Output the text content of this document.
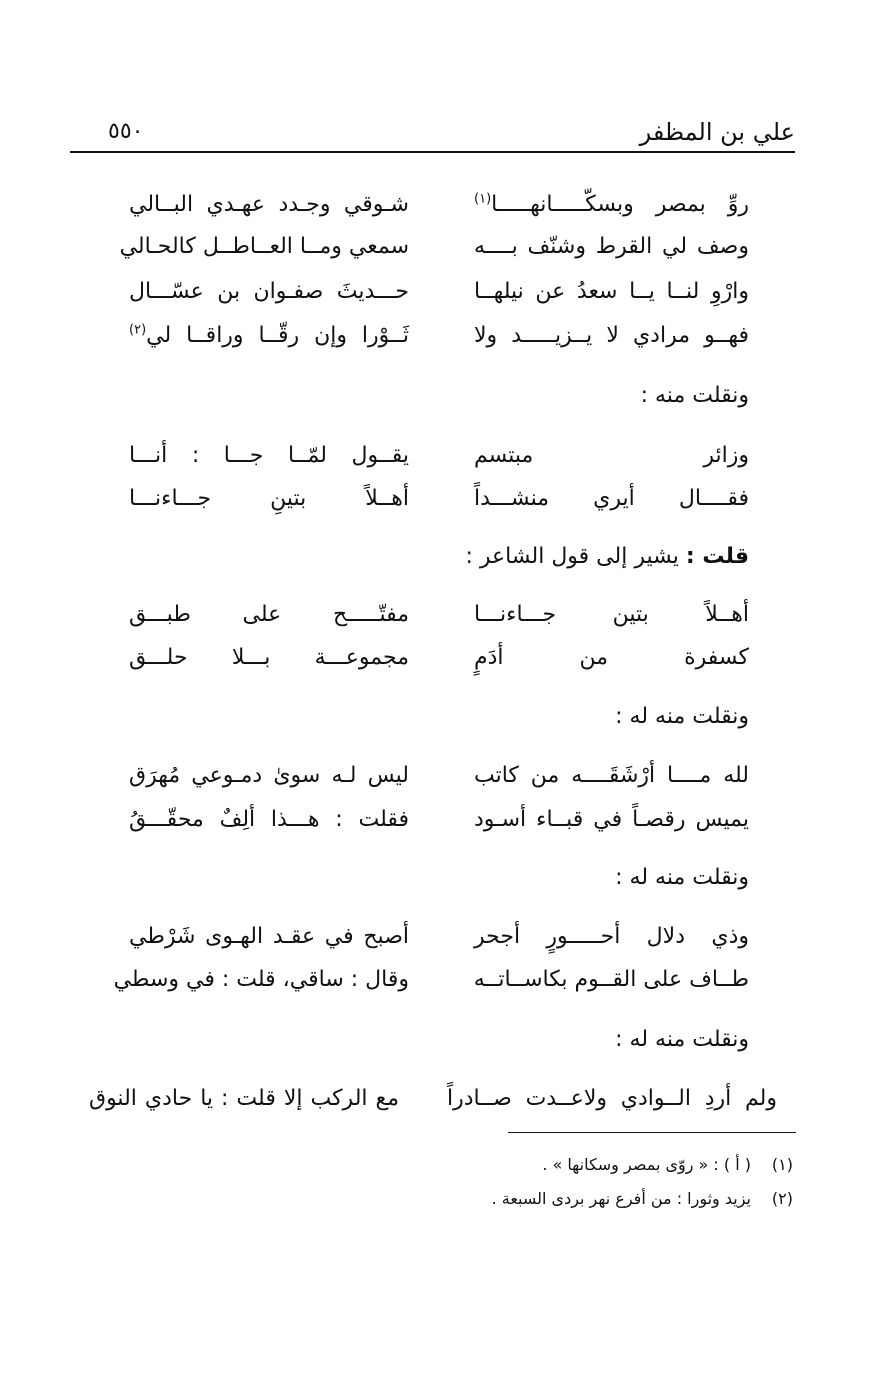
علي بن المظفر
٥٥٠
روِّ بمصر وبسكّـــــانهـــــا$^{(١)}$
شـوقي وجـدد عهـدي البــالي
وصف لي القرط وشنّف بــــه
سمعي ومــا العــاطــل كالحـالي
وارْوِ لنــا يــا سعدُ عن نيلهــا
حـــديثَ صفـوان بن عسّـــال
فهــو مرادي لا يــزيـــــد ولا
ثَــوْرا وإن رقّــا وراقــا لي$^{(٢)}$
ونقلت منه :
وزائر مبتسم
يقــول لمّــا جـــا : أنـــا
فقــــال أيري منشـــداً
أهــلاً بتينِ جـــاءنـــا
قلت : يشير إلى قول الشاعر :
أهــلاً بتين جـــاءنـــا
مفتّـــــح على طبـــق
كسفرة من أدَمٍ
مجموعـــة بـــلا حلـــق
ونقلت منه له :
لله مــــا أرْشَقَــــه من كاتب
ليس لـه سوىٰ دمـوعي مُهرَق
يميس رقصـاً في قبــاء أسـود
فقلت : هـــذا ألِفٌ محقّـــقُ
ونقلت منه له :
وذي دلال أحـــــورٍ أجحر
أصبح في عقـد الهـوى شَرْطي
طــاف على القــوم بكاســاتــه
وقال : ساقي، قلت : في وسطي
ونقلت منه له :
ولم أردِ الــوادي ولاعــدت صــادراً
مع الركب إلا قلت : يا حادي النوق
(١)( أ ) : « روّى بمصر وسكانها » .
(٢)يزيد وثورا : من أفرع نهر بردى السبعة .
